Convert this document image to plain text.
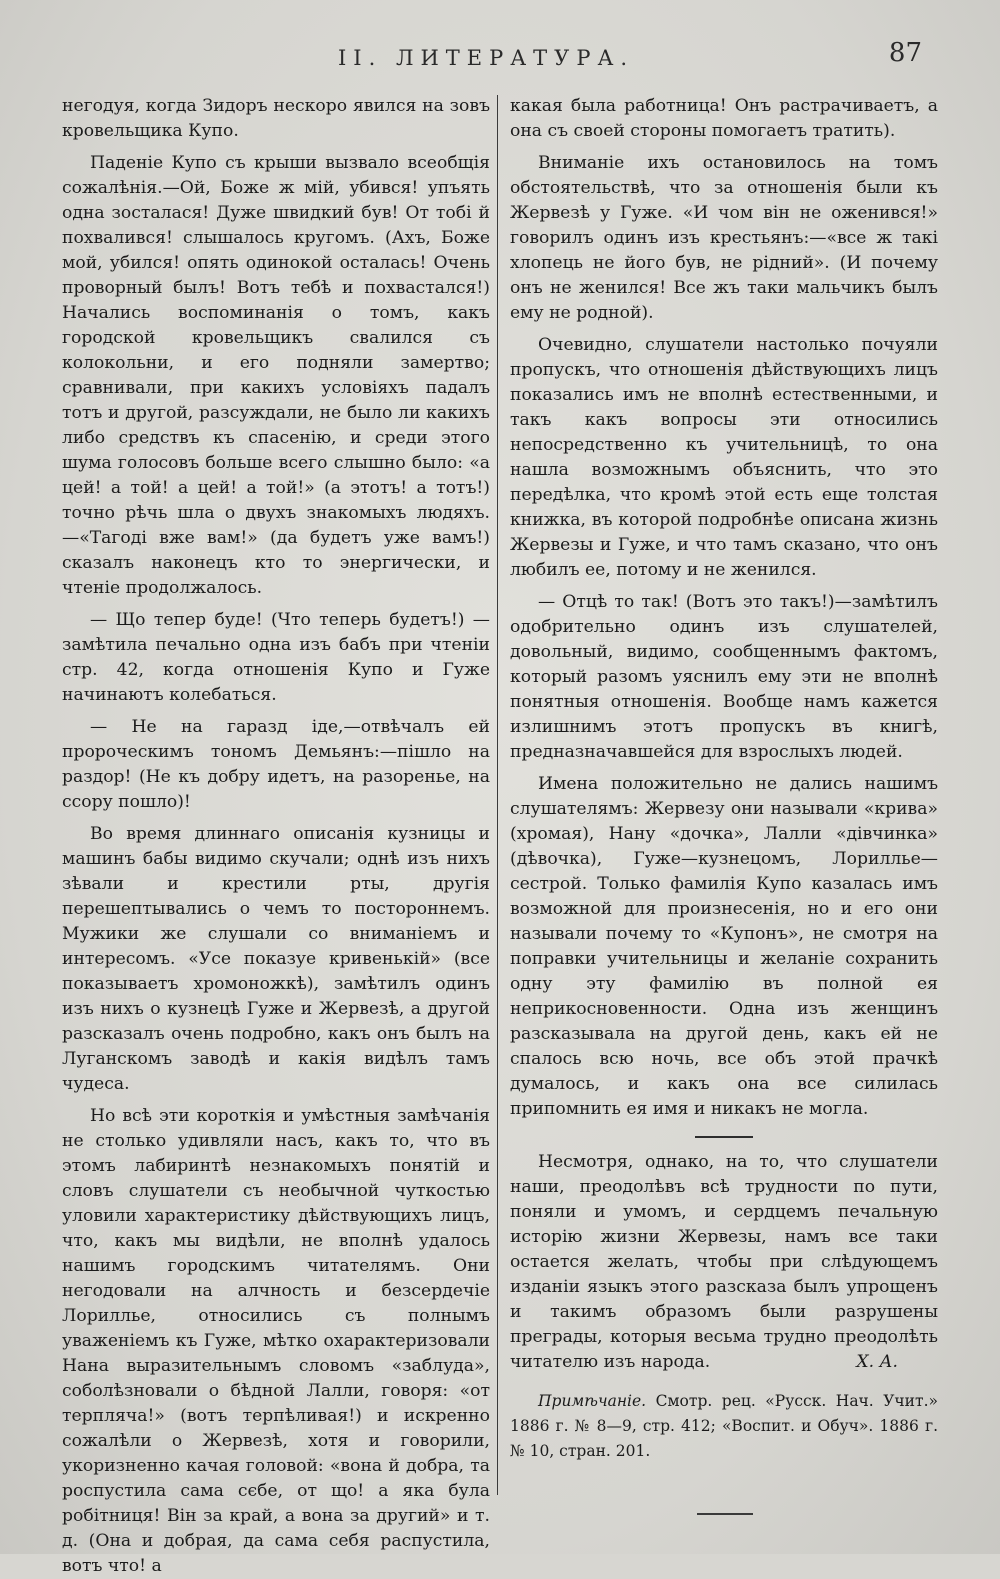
II. ЛИТЕРАТУРА.	87

негодуя, когда Зидоръ нескоро явился на зовъ кровельщика Купо.

Паденіе Купо съ крыши вызвало всеобщія сожалѣнія.—Ой, Боже ж мій, убився! упъять одна зосталася! Дуже швидкий був! От тобі й похвалився! слышалось кругомъ. (Ахъ, Боже мой, убился! опять одинокой осталась! Очень проворный былъ! Вотъ тебѣ и похвастался!) Начались воспоминанія о томъ, какъ городской кровельщикъ свалился съ колокольни, и его подняли замертво; сравнивали, при какихъ условіяхъ падалъ тотъ и другой, разсуждали, не было ли какихъ либо средствъ къ спасенію, и среди этого шума голосовъ больше всего слышно было: «а цей! а той! а цей! а той!» (а этотъ! а тотъ!) точно рѣчь шла о двухъ знакомыхъ людяхъ.—«Тагоді вже вам!» (да будетъ уже вамъ!) сказалъ наконецъ кто то энергически, и чтеніе продолжалось.

— Що тепер буде! (Что теперь будетъ!) —замѣтила печально одна изъ бабъ при чтеніи стр. 42, когда отношенія Купо и Гуже начинаютъ колебаться.

— Не на гаразд іде,—отвѣчалъ ей пророческимъ тономъ Демьянъ:—пішло на раздор! (Не къ добру идетъ, на разоренье, на ссору пошло)!

Во время длиннаго описанія кузницы и машинъ бабы видимо скучали; однѣ изъ нихъ зѣвали и крестили рты, другія перешептывались о чемъ то постороннемъ. Мужики же слушали со вниманіемъ и интересомъ. «Усе показуе кривенькій» (все показываетъ хромоножкѣ), замѣтилъ одинъ изъ нихъ о кузнецѣ Гуже и Жервезѣ, а другой разсказалъ очень подробно, какъ онъ былъ на Луганскомъ заводѣ и какія видѣлъ тамъ чудеса.

Но всѣ эти короткія и умѣстныя замѣчанія не столько удивляли насъ, какъ то, что въ этомъ лабиринтѣ незнакомыхъ понятій и словъ слушатели съ необычной чуткостью уловили характеристику дѣйствующихъ лицъ, что, какъ мы видѣли, не вполнѣ удалось нашимъ городскимъ читателямъ. Они негодовали на алчность и безсердечіе Лориллье, относились съ полнымъ уваженіемъ къ Гуже, мѣтко охарактеризовали Нана выразительнымъ словомъ «заблуда», соболѣзновали о бѣдной Лалли, говоря: «от терпляча!» (вотъ терпѣливая!) и искренно сожалѣли о Жервезѣ, хотя и говорили, укоризненно качая головой: «вона й добра, та роспустила сама сєбе, от що! а яка була робітниця! Він за край, а вона за другий» и т. д. (Она и добрая, да сама себя распустила, вотъ что! а

какая была работница! Онъ растрачиваетъ, а она съ своей стороны помогаетъ тратить).

Вниманіе ихъ остановилось на томъ обстоятельствѣ, что за отношенія были къ Жервезѣ у Гуже. «И чом він не оженився!» говорилъ одинъ изъ крестьянъ:—«все ж такі хлопець не його був, не рідний». (И почему онъ не женился! Все жъ таки мальчикъ былъ ему не родной).

Очевидно, слушатели настолько почуяли пропускъ, что отношенія дѣйствующихъ лицъ показались имъ не вполнѣ естественными, и такъ какъ вопросы эти относились непосредственно къ учительницѣ, то она нашла возможнымъ объяснить, что это передѣлка, что кромѣ этой есть еще толстая книжка, въ которой подробнѣе описана жизнь Жервезы и Гуже, и что тамъ сказано, что онъ любилъ ее, потому и не женился.

— Отцѣ то так! (Вотъ это такъ!)—замѣтилъ одобрительно одинъ изъ слушателей, довольный, видимо, сообщеннымъ фактомъ, который разомъ уяснилъ ему эти не вполнѣ понятныя отношенія. Вообще намъ кажется излишнимъ этотъ пропускъ въ книгѣ, предназначавшейся для взрослыхъ людей.

Имена положительно не дались нашимъ слушателямъ: Жервезу они называли «крива» (хромая), Нану «дочка», Лалли «дівчинка» (дѣвочка), Гуже—кузнецомъ, Лориллье—сестрой. Только фамилія Купо казалась имъ возможной для произнесенія, но и его они называли почему то «Купонъ», не смотря на поправки учительницы и желаніе сохранить одну эту фамилію въ полной ея неприкосновенности. Одна изъ женщинъ разсказывала на другой день, какъ ей не спалось всю ночь, все объ этой прачкѣ думалось, и какъ она все силилась припомнить ея имя и никакъ не могла.

Несмотря, однако, на то, что слушатели наши, преодолѣвъ всѣ трудности по пути, поняли и умомъ, и сердцемъ печальную исторію жизни Жервезы, намъ все таки остается желать, чтобы при слѣдующемъ изданіи языкъ этого разсказа былъ упрощенъ и такимъ образомъ были разрушены преграды, которыя весьма трудно преодолѣть читателю изъ народа.	X. А.

Примѣчаніе. Смотр. рец. «Русск. Нач. Учит.» 1886 г. № 8—9, стр. 412; «Воспит. и Обуч». 1886 г. № 10, стран. 201.
